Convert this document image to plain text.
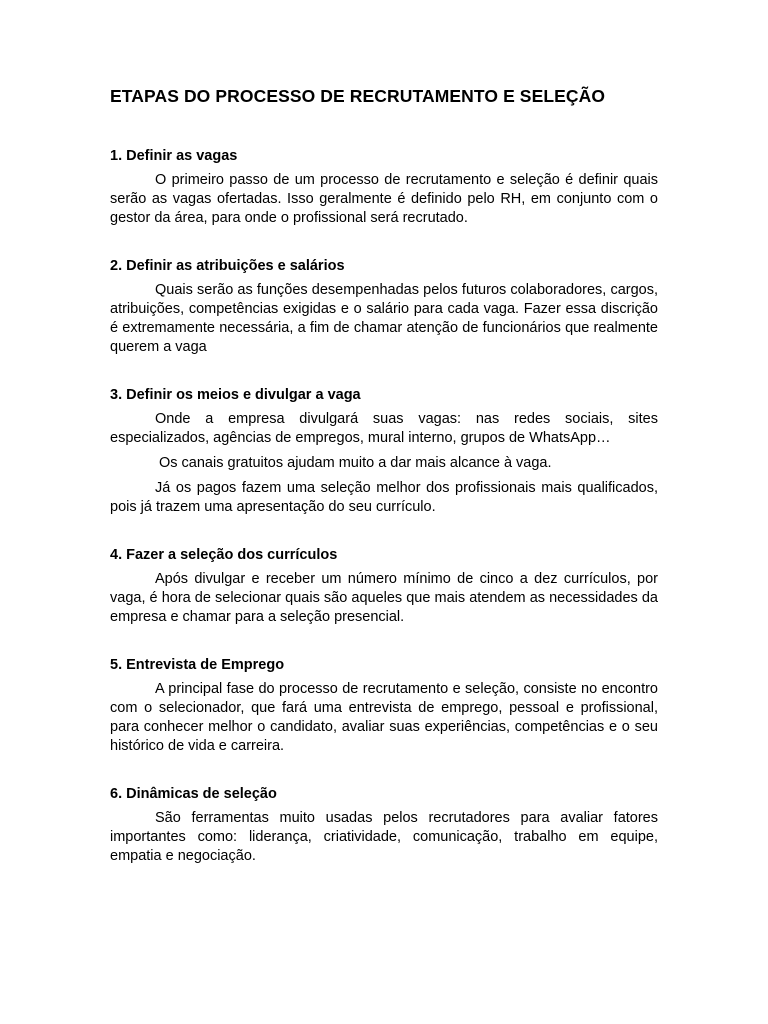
ETAPAS DO PROCESSO DE RECRUTAMENTO E SELEÇÃO
1. Definir as vagas

O primeiro passo de um processo de recrutamento e seleção é definir quais serão as vagas ofertadas. Isso geralmente é definido pelo RH, em conjunto com o gestor da área, para onde o profissional será recrutado.

2. Definir as atribuições e salários

Quais serão as funções desempenhadas pelos futuros colaboradores, cargos, atribuições, competências exigidas e o salário para cada vaga. Fazer essa discrição é extremamente necessária, a fim de chamar atenção de funcionários que realmente querem a vaga

3. Definir os meios e divulgar a vaga

Onde a empresa divulgará suas vagas: nas redes sociais, sites especializados, agências de empregos, mural interno, grupos de WhatsApp…

Os canais gratuitos ajudam muito a dar mais alcance à vaga.

Já os pagos fazem uma seleção melhor dos profissionais mais qualificados, pois já trazem uma apresentação do seu currículo.

4. Fazer a seleção dos currículos

Após divulgar e receber um número mínimo de cinco a dez currículos, por vaga, é hora de selecionar quais são aqueles que mais atendem as necessidades da empresa e chamar para a seleção presencial.

5. Entrevista de Emprego

A principal fase do processo de recrutamento e seleção, consiste no encontro com o selecionador, que fará uma entrevista de emprego, pessoal e profissional, para conhecer melhor o candidato, avaliar suas experiências, competências e o seu histórico de vida e carreira.

6. Dinâmicas de seleção

São ferramentas muito usadas pelos recrutadores para avaliar fatores importantes como: liderança, criatividade, comunicação, trabalho em equipe, empatia e negociação.
